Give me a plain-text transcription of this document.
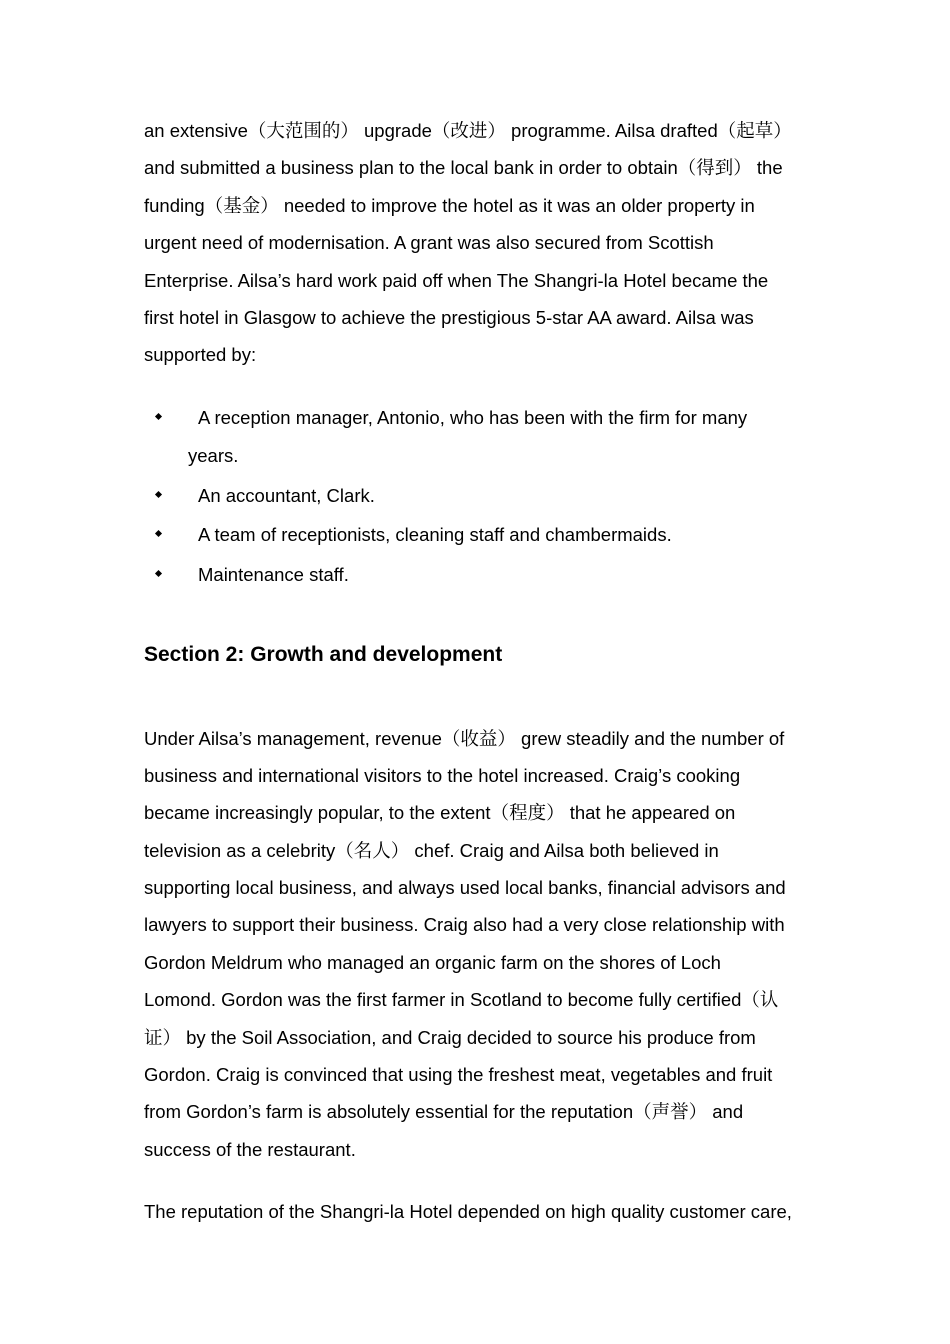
an extensive（大范围的） upgrade（改进） programme. Ailsa drafted（起草）
and submitted a business plan to the local bank in order to obtain（得到） the
funding（基金） needed to improve the hotel as it was an older property in
urgent need of modernisation. A grant was also secured from Scottish
Enterprise. Ailsa’s hard work paid off when The Shangri-la Hotel became the
first hotel in Glasgow to achieve the prestigious 5-star AA award. Ailsa was
supported by:
A reception manager, Antonio, who has been with the firm for many
years.
An accountant, Clark.
A team of receptionists, cleaning staff and chambermaids.
Maintenance staff.
Section 2: Growth and development
Under Ailsa’s management, revenue（收益） grew steadily and the number of
business and international visitors to the hotel increased. Craig’s cooking
became increasingly popular, to the extent（程度） that he appeared on
television as a celebrity（名人） chef. Craig and Ailsa both believed in
supporting local business, and always used local banks, financial advisors and
lawyers to support their business. Craig also had a very close relationship with
Gordon Meldrum who managed an organic farm on the shores of Loch
Lomond. Gordon was the first farmer in Scotland to become fully certified（认
证） by the Soil Association, and Craig decided to source his produce from
Gordon. Craig is convinced that using the freshest meat, vegetables and fruit
from Gordon’s farm is absolutely essential for the reputation（声誉） and
success of the restaurant.
The reputation of the Shangri-la Hotel depended on high quality customer care,
